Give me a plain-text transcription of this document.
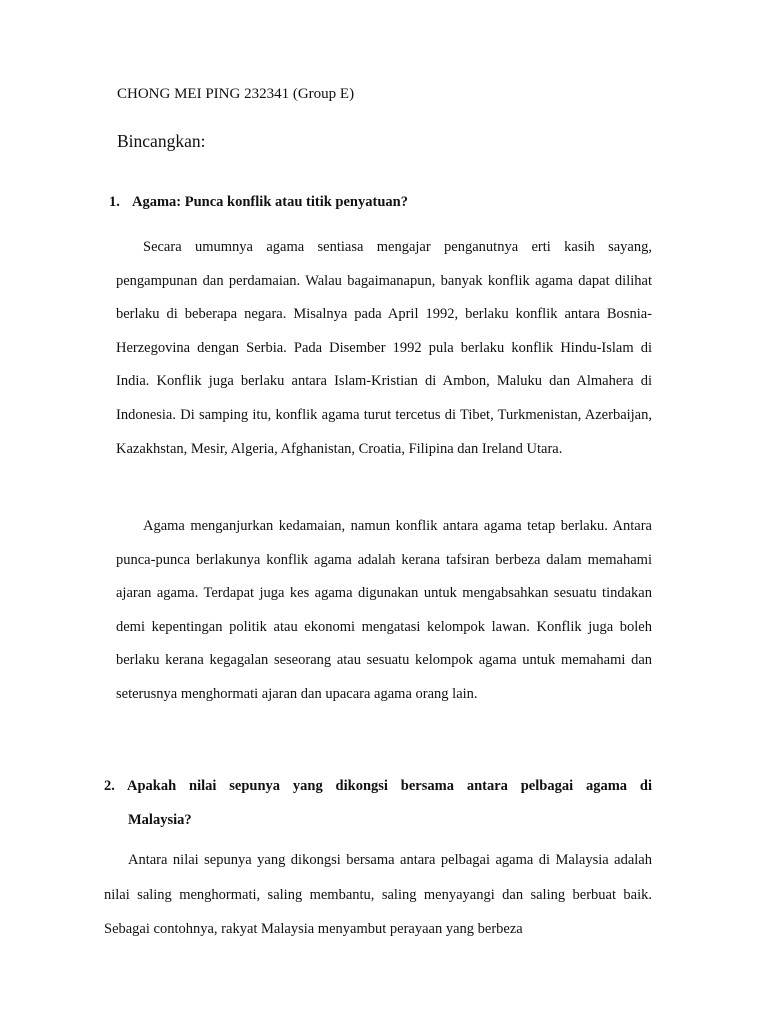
CHONG MEI PING 232341 (Group E)

Bincangkan:

1. Agama: Punca konflik atau titik penyatuan?

Secara umumnya agama sentiasa mengajar penganutnya erti kasih sayang, pengampunan dan perdamaian. Walau bagaimanapun, banyak konflik agama dapat dilihat berlaku di beberapa negara. Misalnya pada April 1992, berlaku konflik antara Bosnia-Herzegovina dengan Serbia. Pada Disember 1992 pula berlaku konflik Hindu-Islam di India. Konflik juga berlaku antara Islam-Kristian di Ambon, Maluku dan Almahera di Indonesia. Di samping itu, konflik agama turut tercetus di Tibet, Turkmenistan, Azerbaijan, Kazakhstan, Mesir, Algeria, Afghanistan, Croatia, Filipina dan Ireland Utara.

Agama menganjurkan kedamaian, namun konflik antara agama tetap berlaku. Antara punca-punca berlakunya konflik agama adalah kerana tafsiran berbeza dalam memahami ajaran agama. Terdapat juga kes agama digunakan untuk mengabsahkan sesuatu tindakan demi kepentingan politik atau ekonomi mengatasi kelompok lawan. Konflik juga boleh berlaku kerana kegagalan seseorang atau sesuatu kelompok agama untuk memahami dan seterusnya menghormati ajaran dan upacara agama orang lain.

2. Apakah nilai sepunya yang dikongsi bersama antara pelbagai agama di
Malaysia?

Antara nilai sepunya yang dikongsi bersama antara pelbagai agama di Malaysia adalah nilai saling menghormati, saling membantu, saling menyayangi dan saling berbuat baik. Sebagai contohnya, rakyat Malaysia menyambut perayaan yang berbeza
